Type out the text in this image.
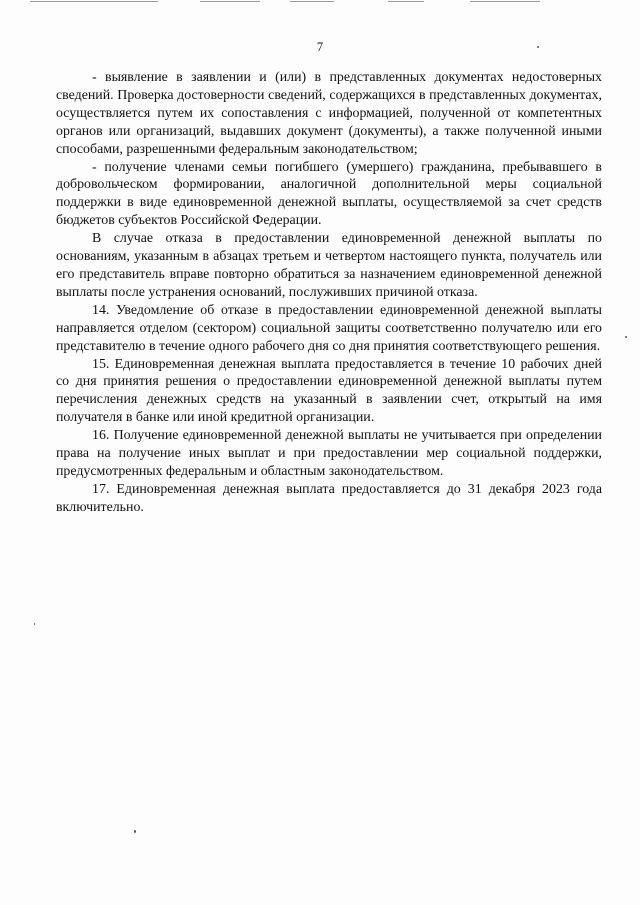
7

- выявление в заявлении и (или) в представленных документах недостоверных сведений. Проверка достоверности сведений, содержащихся в представленных документах, осуществляется путем их сопоставления с информацией, полученной от компетентных органов или организаций, выдавших документ (документы), а также полученной иными способами, разрешенными федеральным законодательством;

- получение членами семьи погибшего (умершего) гражданина, пребывавшего в добровольческом формировании, аналогичной дополнительной меры социальной поддержки в виде единовременной денежной выплаты, осуществляемой за счет средств бюджетов субъектов Российской Федерации.

В случае отказа в предоставлении единовременной денежной выплаты по основаниям, указанным в абзацах третьем и четвертом настоящего пункта, получатель или его представитель вправе повторно обратиться за назначением единовременной денежной выплаты после устранения оснований, послуживших причиной отказа.

14. Уведомление об отказе в предоставлении единовременной денежной выплаты направляется отделом (сектором) социальной защиты соответственно получателю или его представителю в течение одного рабочего дня со дня принятия соответствующего решения.

15. Единовременная денежная выплата предоставляется в течение 10 рабочих дней со дня принятия решения о предоставлении единовременной денежной выплаты путем перечисления денежных средств на указанный в заявлении счет, открытый на имя получателя в банке или иной кредитной организации.

16. Получение единовременной денежной выплаты не учитывается при определении права на получение иных выплат и при предоставлении мер социальной поддержки, предусмотренных федеральным и областным законодательством.

17. Единовременная денежная выплата предоставляется до 31 декабря 2023 года включительно.
